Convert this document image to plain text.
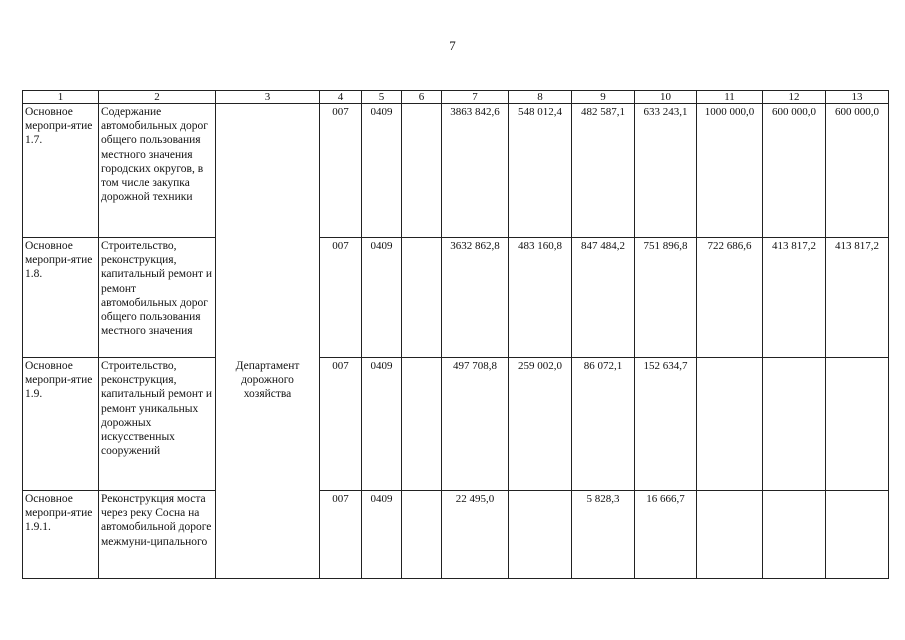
7
1	2	3	4	5	6	7	8	9	10	11	12	13
Основное меропри-ятие 1.7.	Содержание автомобильных дорог общего пользования местного значения городских округов, в том числе закупка дорожной техники		007	0409		3863 842,6	548 012,4	482 587,1	633 243,1	1000 000,0	600 000,0	600 000,0
Основное меропри-ятие 1.8.	Строительство, реконструкция, капитальный ремонт и ремонт автомобильных дорог общего пользования местного значения		007	0409		3632 862,8	483 160,8	847 484,2	751 896,8	722 686,6	413 817,2	413 817,2
Основное меропри-ятие 1.9.	Строительство, реконструкция, капитальный ремонт и ремонт уникальных дорожных искусственных сооружений	Департамент дорожного хозяйства	007	0409		497 708,8	259 002,0	86 072,1	152 634,7			
Основное меропри-ятие 1.9.1.	Реконструкция моста через реку Сосна на автомобильной дороге межмуни-ципального		007	0409		22 495,0		5 828,3	16 666,7			
